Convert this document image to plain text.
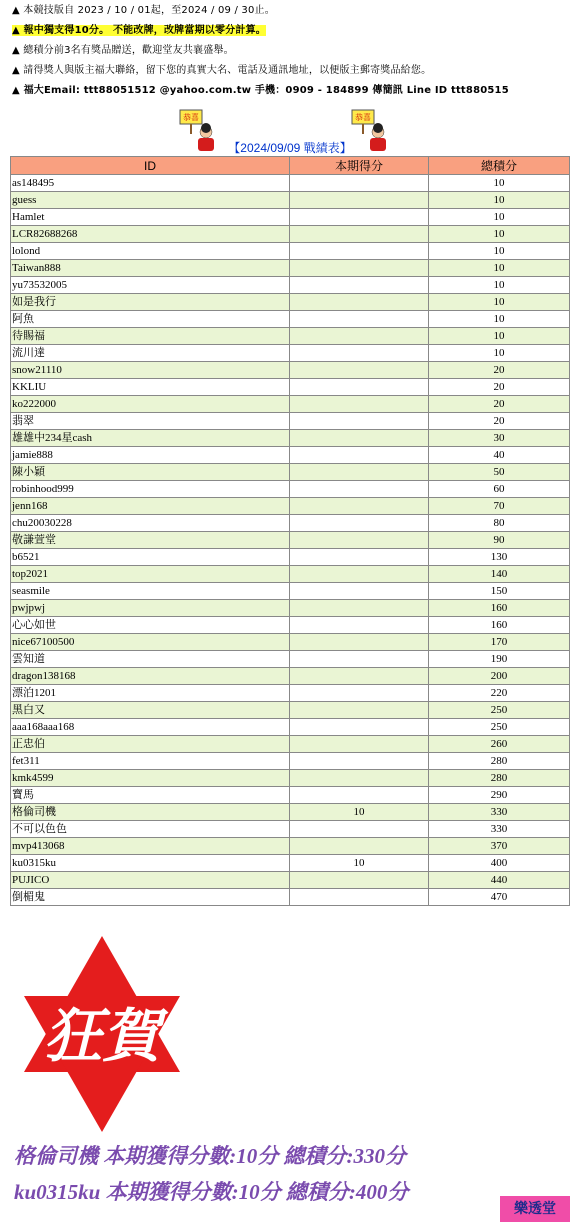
▲ 本競技版自 2023 / 10 / 01起，至2024 / 09 / 30止。
▲ 報中獨支得10分。 不能改牌，改牌當期以零分計算。
▲ 總積分前3名有獎品贈送，歡迎堂友共襄盛舉。
▲ 請得獎人與版主福大聯絡，留下您的真實大名、電話及通訊地址，以便版主郵寄獎品給您。
▲ 福大Email: ttt88051512 @yahoo.com.tw 手機：0909 - 184899 傳簡訊 Line ID ttt880515
恭喜	恭喜
【2024/09/09 戰績表】
ID	本期得分	總積分
as148495		10
guess		10
Hamlet		10
LCR82688268		10
lolond		10
Taiwan888		10
yu73532005		10
如是我行		10
阿魚		10
待賜福		10
流川達		10
snow21110		20
KKLIU		20
ko222000		20
翡翠		20
雄雄中234星cash		30
jamie888		40
陳小穎		50
robinhood999		60
jenn168		70
chu20030228		80
敬謙萱堂		90
b6521		130
top2021		140
seasmile		150
pwjpwj		160
心心如世		160
nice67100500		170
雲知道		190
dragon138168		200
漂泊1201		220
黑白又		250
aaa168aaa168		250
正忠伯		260
fet311		280
kmk4599		280
寶馬		290
格倫司機	10	330
不可以色色		330
mvp413068		370
ku0315ku	10	400
PUJICO		440
倒楣鬼		470
狂賀
格倫司機 本期獲得分數:10分 總積分:330分
ku0315ku 本期獲得分數:10分 總積分:400分
樂透堂
